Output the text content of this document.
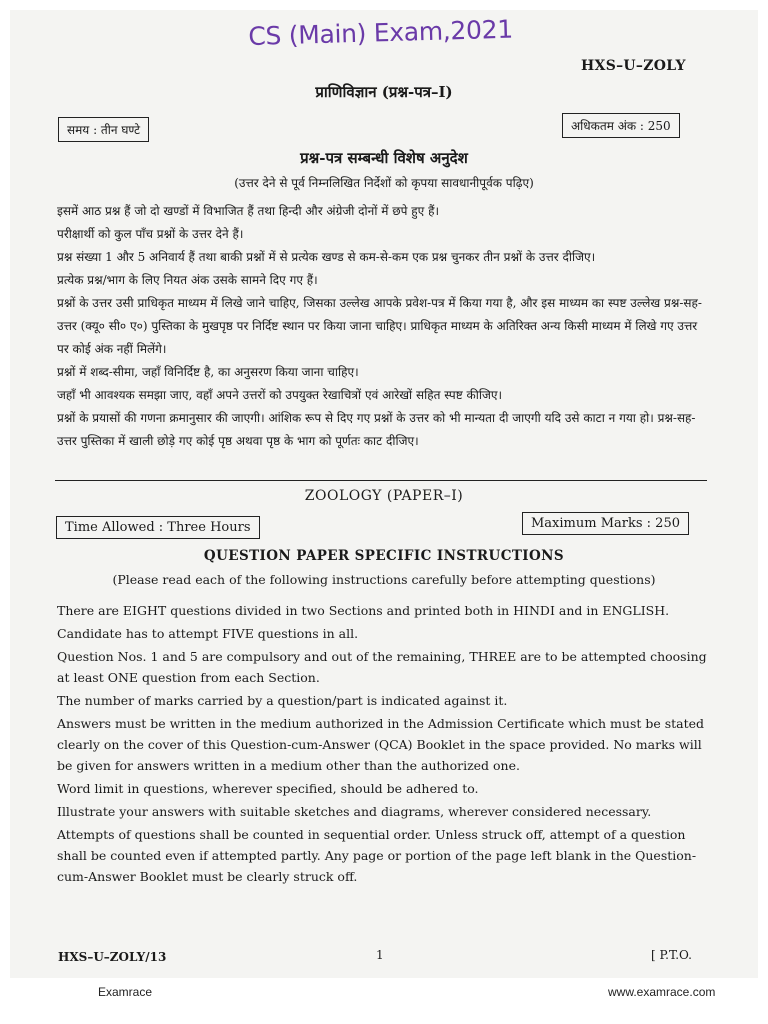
CS (Main) Exam,2021
HXS–U–ZOLY
प्राणिविज्ञान (प्रश्न-पत्र–I)
समय : तीन घण्टे	अधिकतम अंक : 250
प्रश्न-पत्र सम्बन्धी विशेष अनुदेश
(उत्तर देने से पूर्व निम्नलिखित निर्देशों को कृपया सावधानीपूर्वक पढ़िए)

इसमें आठ प्रश्न हैं जो दो खण्डों में विभाजित हैं तथा हिन्दी और अंग्रेजी दोनों में छपे हुए हैं।

परीक्षार्थी को कुल पाँच प्रश्नों के उत्तर देने हैं।

प्रश्न संख्या 1 और 5 अनिवार्य हैं तथा बाकी प्रश्नों में से प्रत्येक खण्ड से कम-से-कम एक प्रश्न चुनकर तीन प्रश्नों के उत्तर दीजिए।

प्रत्येक प्रश्न/भाग के लिए नियत अंक उसके सामने दिए गए हैं।

प्रश्नों के उत्तर उसी प्राधिकृत माध्यम में लिखे जाने चाहिए, जिसका उल्लेख आपके प्रवेश-पत्र में किया गया है, और इस माध्यम का स्पष्ट उल्लेख प्रश्न-सह-उत्तर (क्यू० सी० ए०) पुस्तिका के मुखपृष्ठ पर निर्दिष्ट स्थान पर किया जाना चाहिए। प्राधिकृत माध्यम के अतिरिक्त अन्य किसी माध्यम में लिखे गए उत्तर पर कोई अंक नहीं मिलेंगे।

प्रश्नों में शब्द-सीमा, जहाँ विनिर्दिष्ट है, का अनुसरण किया जाना चाहिए।

जहाँ भी आवश्यक समझा जाए, वहाँ अपने उत्तरों को उपयुक्त रेखाचित्रों एवं आरेखों सहित स्पष्ट कीजिए।

प्रश्नों के प्रयासों की गणना क्रमानुसार की जाएगी। आंशिक रूप से दिए गए प्रश्नों के उत्तर को भी मान्यता दी जाएगी यदि उसे काटा न गया हो। प्रश्न-सह-उत्तर पुस्तिका में खाली छोड़े गए कोई पृष्ठ अथवा पृष्ठ के भाग को पूर्णतः काट दीजिए।

ZOOLOGY (PAPER–I)
Time Allowed : Three Hours	Maximum Marks : 250
QUESTION PAPER SPECIFIC INSTRUCTIONS
(Please read each of the following instructions carefully before attempting questions)

There are EIGHT questions divided in two Sections and printed both in HINDI and in ENGLISH.

Candidate has to attempt FIVE questions in all.

Question Nos. 1 and 5 are compulsory and out of the remaining, THREE are to be attempted choosing at least ONE question from each Section.

The number of marks carried by a question/part is indicated against it.

Answers must be written in the medium authorized in the Admission Certificate which must be stated clearly on the cover of this Question-cum-Answer (QCA) Booklet in the space provided. No marks will be given for answers written in a medium other than the authorized one.

Word limit in questions, wherever specified, should be adhered to.

Illustrate your answers with suitable sketches and diagrams, wherever considered necessary.

Attempts of questions shall be counted in sequential order. Unless struck off, attempt of a question shall be counted even if attempted partly. Any page or portion of the page left blank in the Question-cum-Answer Booklet must be clearly struck off.

HXS–U–ZOLY/13	1	[ P.T.O.
Examrace	www.examrace.com
